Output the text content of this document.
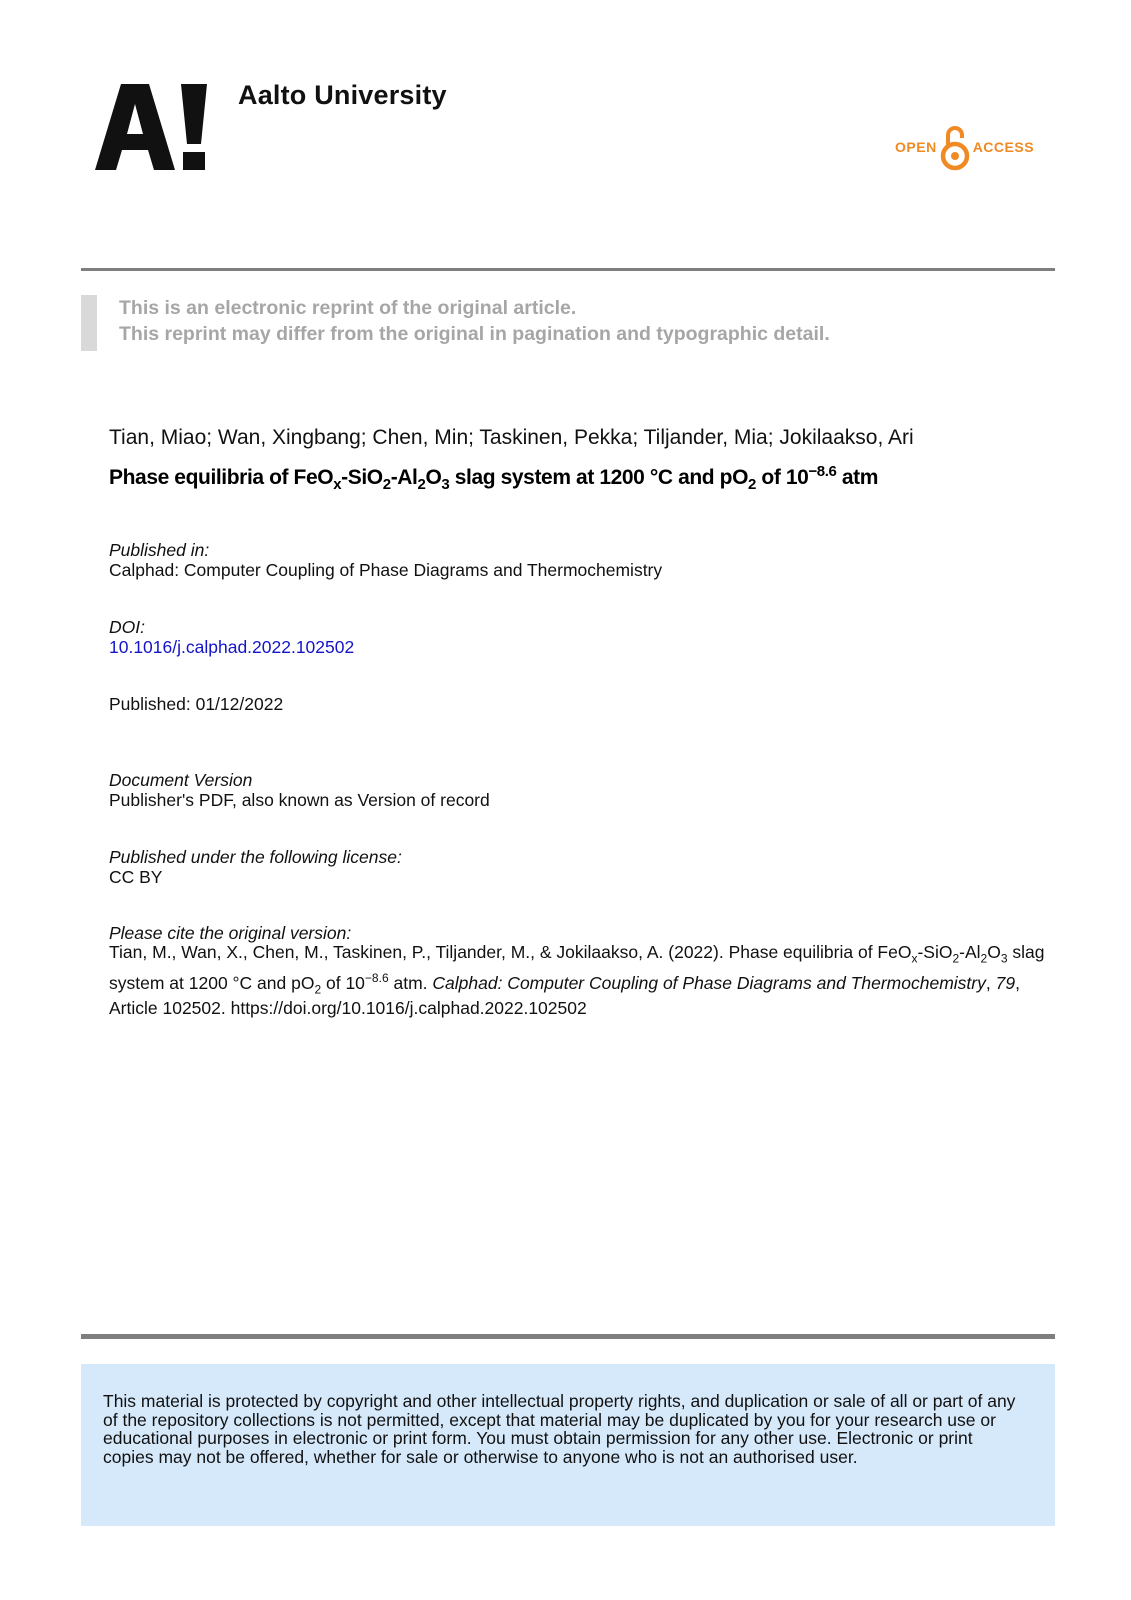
Aalto University
OPEN	ACCESS
This is an electronic reprint of the original article.
This reprint may differ from the original in pagination and typographic detail.
Tian, Miao; Wan, Xingbang; Chen, Min; Taskinen, Pekka; Tiljander, Mia; Jokilaakso, Ari
Phase equilibria of $FeO_x-SiO_2-Al_2O_3$ slag system at 1200 °C and $pO_2$ of $10^{-8.6}$ atm
Published in:
Calphad: Computer Coupling of Phase Diagrams and Thermochemistry
DOI:
10.1016/j.calphad.2022.102502
Published: 01/12/2022
Document Version
Publisher's PDF, also known as Version of record
Published under the following license:
CC BY
Please cite the original version:
Tian, M., Wan, X., Chen, M., Taskinen, P., Tiljander, M., & Jokilaakso, A. (2022). Phase equilibria of $FeO_x-SiO_2-Al_2O_3$ slag system at 1200 °C and $pO_2$ of $10^{-8.6}$ atm. Calphad: Computer Coupling of Phase Diagrams and Thermochemistry, 79, Article 102502. https://doi.org/10.1016/j.calphad.2022.102502
This material is protected by copyright and other intellectual property rights, and duplication or sale of all or part of any of the repository collections is not permitted, except that material may be duplicated by you for your research use or educational purposes in electronic or print form. You must obtain permission for any other use. Electronic or print copies may not be offered, whether for sale or otherwise to anyone who is not an authorised user.
